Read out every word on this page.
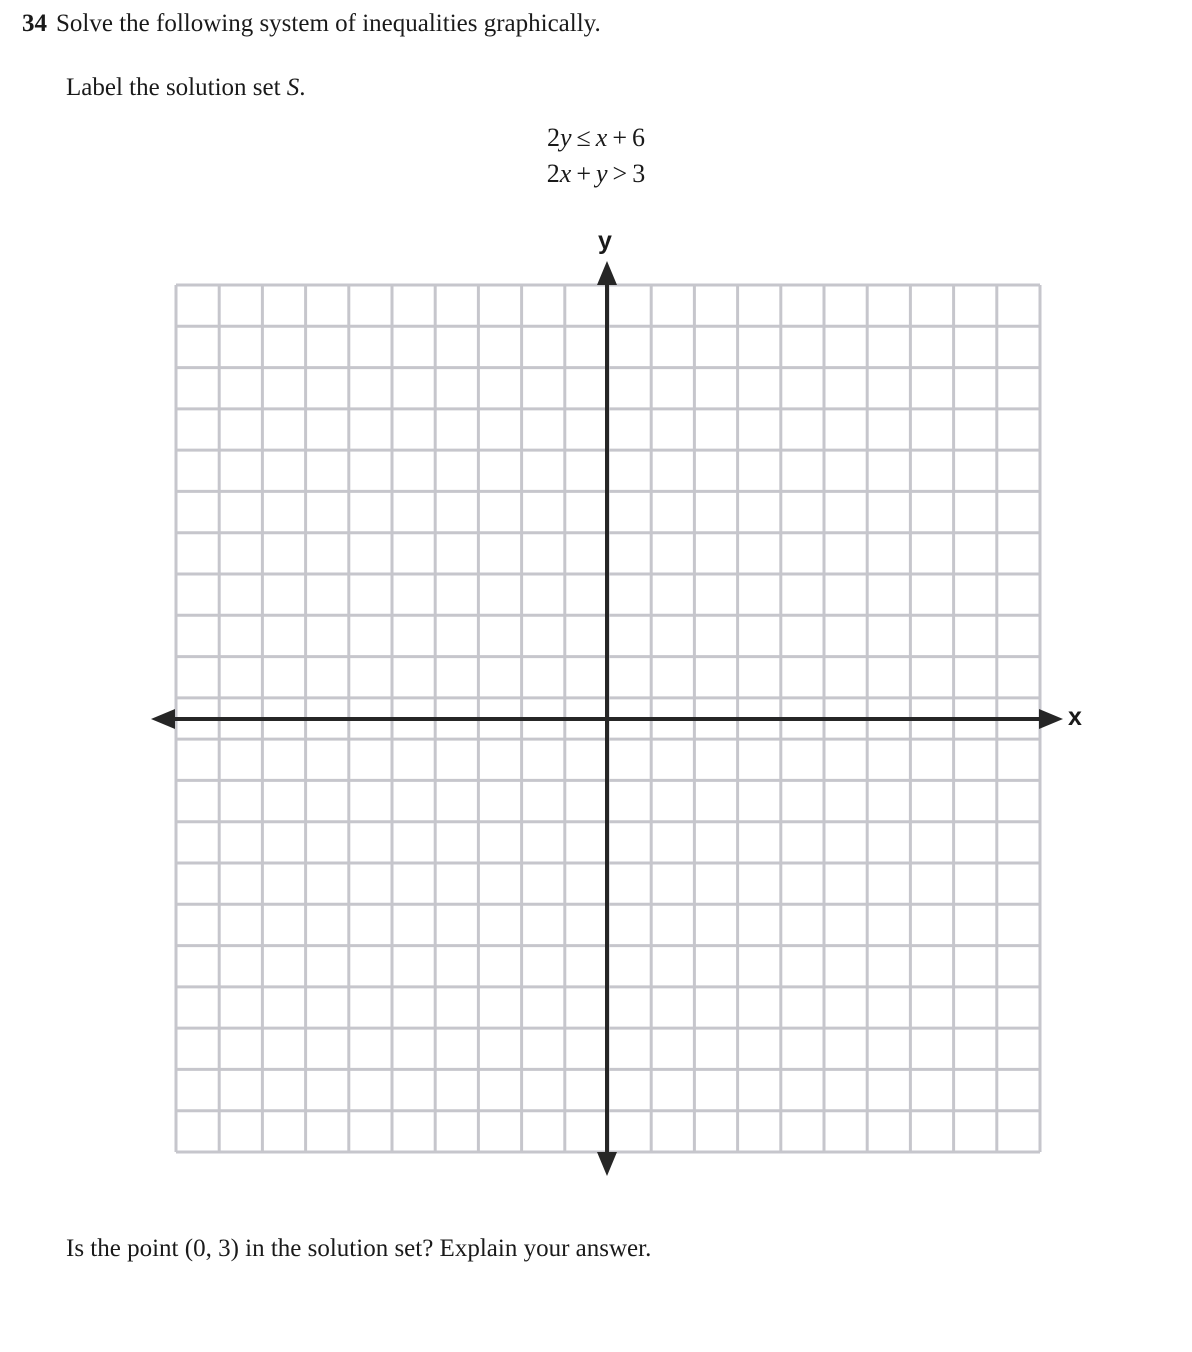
34 Solve the following system of inequalities graphically.
Label the solution set S.
2y ≤ x + 6
2x + y > 3
y
x
Is the point (0, 3) in the solution set? Explain your answer.
